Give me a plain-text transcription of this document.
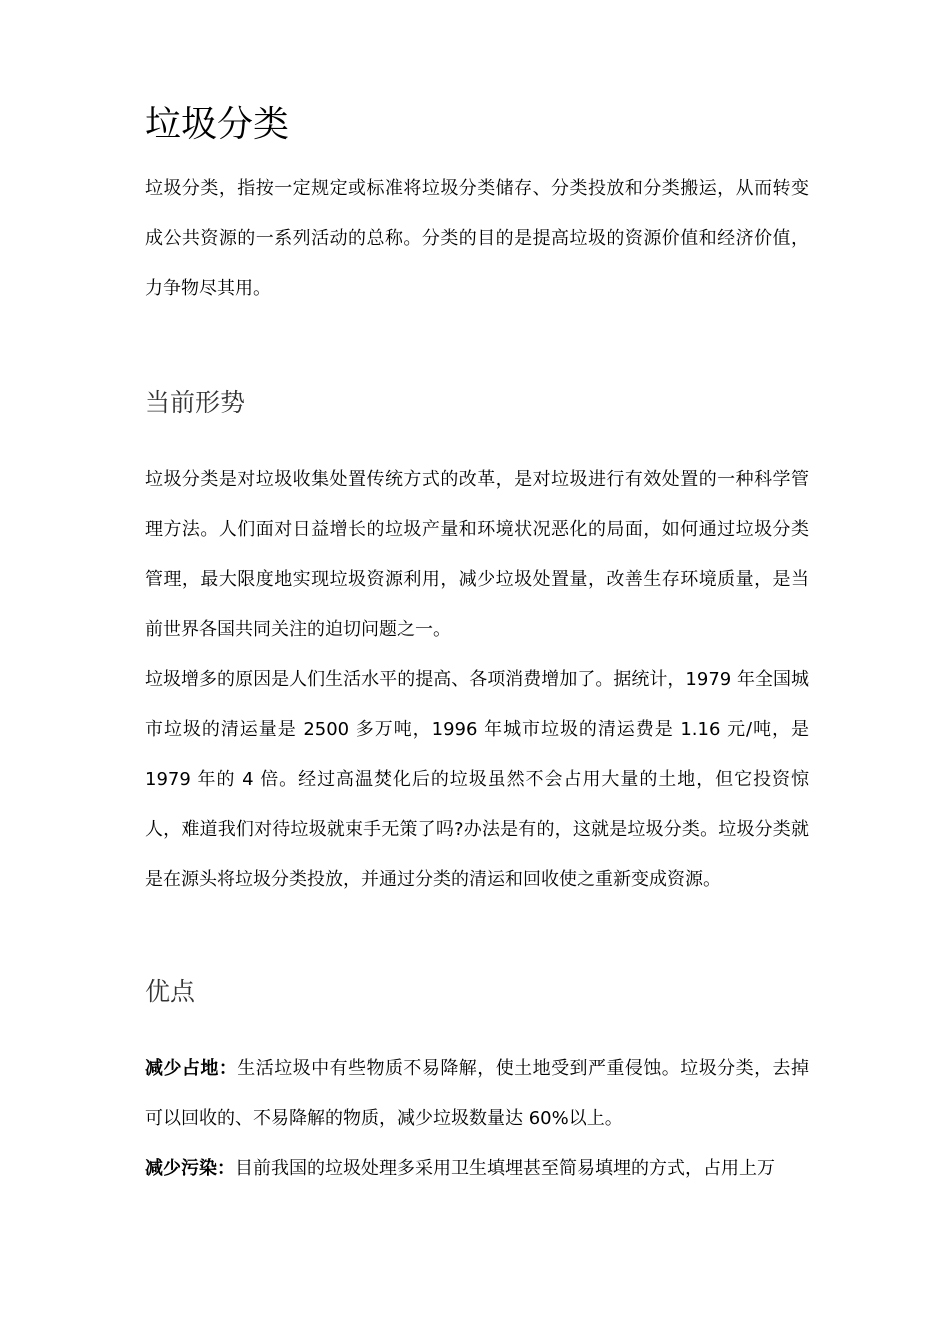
垃圾分类

垃圾分类，指按一定规定或标准将垃圾分类储存、分类投放和分类搬运，从而转变成公共资源的一系列活动的总称。分类的目的是提高垃圾的资源价值和经济价值，力争物尽其用。

当前形势

垃圾分类是对垃圾收集处置传统方式的改革，是对垃圾进行有效处置的一种科学管理方法。人们面对日益增长的垃圾产量和环境状况恶化的局面，如何通过垃圾分类管理，最大限度地实现垃圾资源利用，减少垃圾处置量，改善生存环境质量，是当前世界各国共同关注的迫切问题之一。

垃圾增多的原因是人们生活水平的提高、各项消费增加了。据统计，1979 年全国城市垃圾的清运量是 2500 多万吨，1996 年城市垃圾的清运费是 1.16 元/吨，是 1979 年的 4 倍。经过高温焚化后的垃圾虽然不会占用大量的土地，但它投资惊人，难道我们对待垃圾就束手无策了吗?办法是有的，这就是垃圾分类。垃圾分类就是在源头将垃圾分类投放，并通过分类的清运和回收使之重新变成资源。

优点

减少占地：生活垃圾中有些物质不易降解，使土地受到严重侵蚀。垃圾分类，去掉可以回收的、不易降解的物质，减少垃圾数量达 60%以上。

减少污染：目前我国的垃圾处理多采用卫生填埋甚至简易填埋的方式，占用上万
